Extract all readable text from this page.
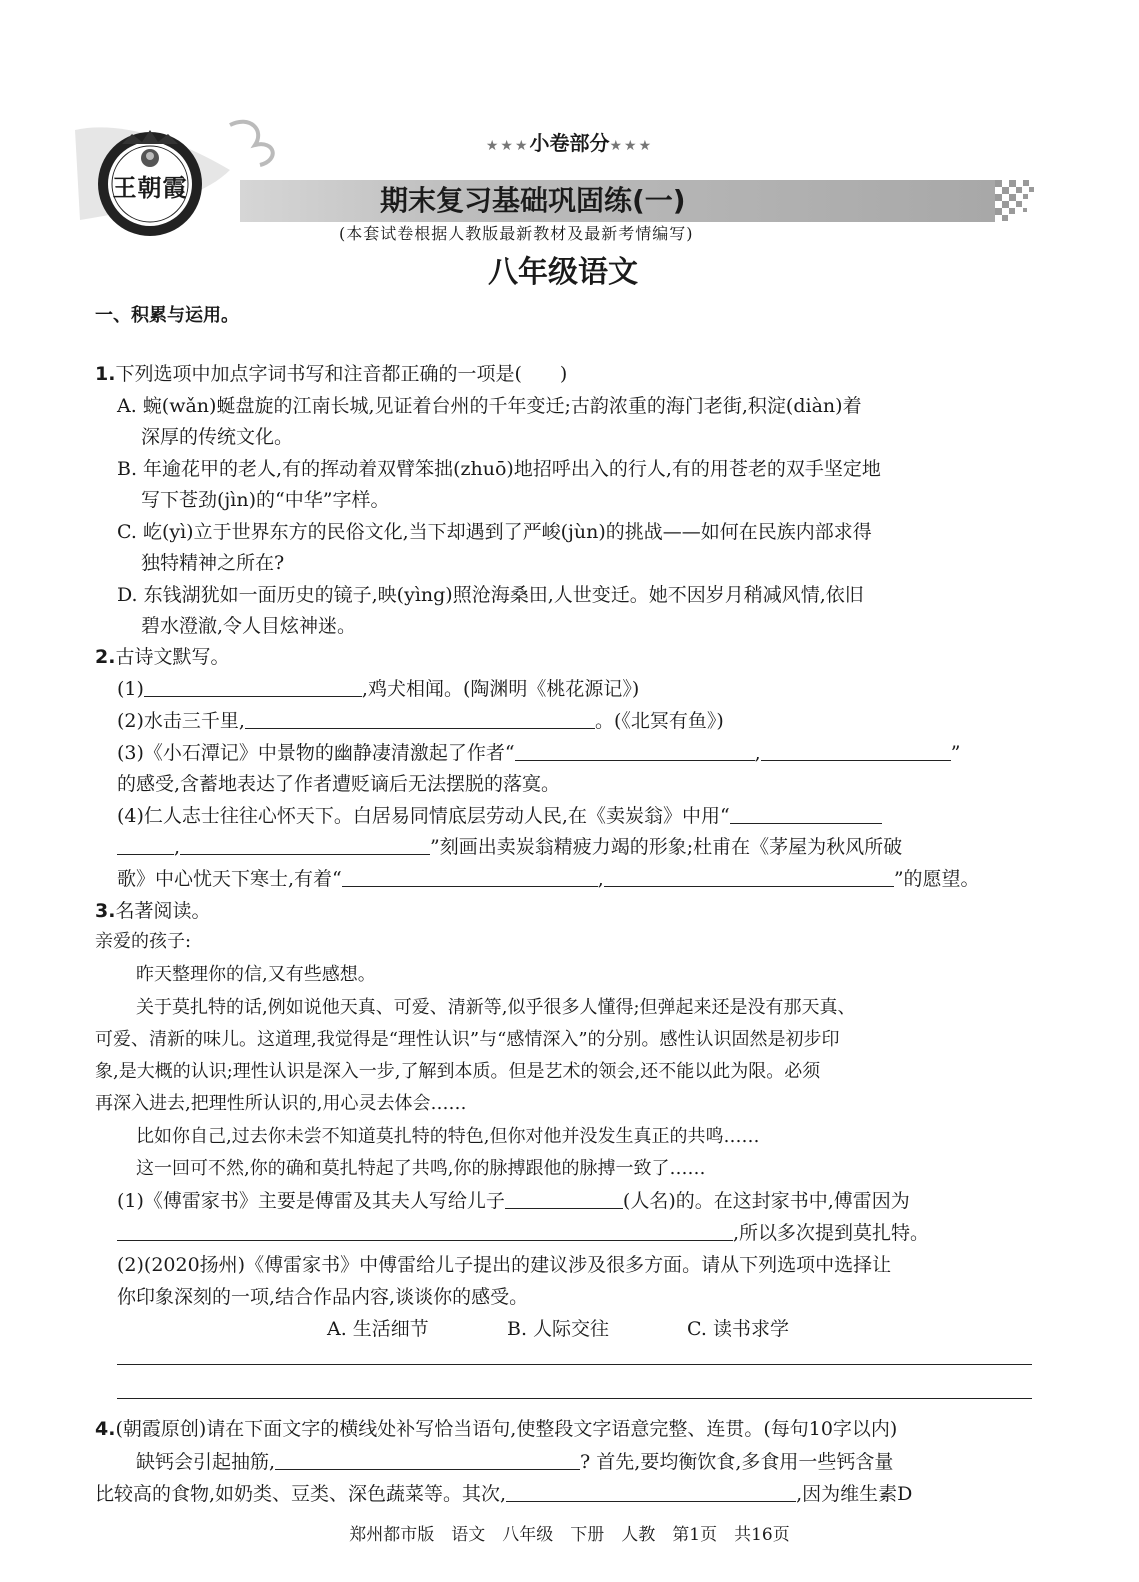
王朝霞
★★★小卷部分★★★
期末复习基础巩固练(一)
(本套试卷根据人教版最新教材及最新考情编写)
八年级语文
一、积累与运用。
1.下列选项中加点字词书写和注音都正确的一项是(　　)
A. 蜿(wǎn)蜒盘旋的江南长城,见证着台州的千年变迁;古韵浓重的海门老街,积淀(diàn)着
深厚的传统文化。
B. 年逾花甲的老人,有的挥动着双臂笨拙(zhuō)地招呼出入的行人,有的用苍老的双手坚定地
写下苍劲(jìn)的“中华”字样。
C. 屹(yì)立于世界东方的民俗文化,当下却遇到了严峻(jùn)的挑战——如何在民族内部求得
独特精神之所在?
D. 东钱湖犹如一面历史的镜子,映(yìng)照沧海桑田,人世变迁。她不因岁月稍减风情,依旧
碧水澄澈,令人目炫神迷。
2.古诗文默写。
(1)	,鸡犬相闻。(陶渊明《桃花源记》)
(2)水击三千里,	。(《北冥有鱼》)
(3)《小石潭记》中景物的幽静凄清激起了作者“	,	”
的感受,含蓄地表达了作者遭贬谪后无法摆脱的落寞。
(4)仁人志士往往心怀天下。白居易同情底层劳动人民,在《卖炭翁》中用“
,	”刻画出卖炭翁精疲力竭的形象;杜甫在《茅屋为秋风所破
歌》中心忧天下寒士,有着“	,	”的愿望。
3.名著阅读。
亲爱的孩子:
昨天整理你的信,又有些感想。
关于莫扎特的话,例如说他天真、可爱、清新等,似乎很多人懂得;但弹起来还是没有那天真、
可爱、清新的味儿。这道理,我觉得是“理性认识”与“感情深入”的分别。感性认识固然是初步印
象,是大概的认识;理性认识是深入一步,了解到本质。但是艺术的领会,还不能以此为限。必须
再深入进去,把理性所认识的,用心灵去体会……
比如你自己,过去你未尝不知道莫扎特的特色,但你对他并没发生真正的共鸣……
这一回可不然,你的确和莫扎特起了共鸣,你的脉搏跟他的脉搏一致了……
(1)《傅雷家书》主要是傅雷及其夫人写给儿子	(人名)的。在这封家书中,傅雷因为
,所以多次提到莫扎特。
(2)(2020扬州)《傅雷家书》中傅雷给儿子提出的建议涉及很多方面。请从下列选项中选择让
你印象深刻的一项,结合作品内容,谈谈你的感受。
A. 生活细节	B. 人际交往	C. 读书求学
4.(朝霞原创)请在下面文字的横线处补写恰当语句,使整段文字语意完整、连贯。(每句10字以内)
缺钙会引起抽筋,	? 首先,要均衡饮食,多食用一些钙含量
比较高的食物,如奶类、豆类、深色蔬菜等。其次,	,因为维生素D
郑州都市版　语文　八年级　下册　人教　第1页　共16页
